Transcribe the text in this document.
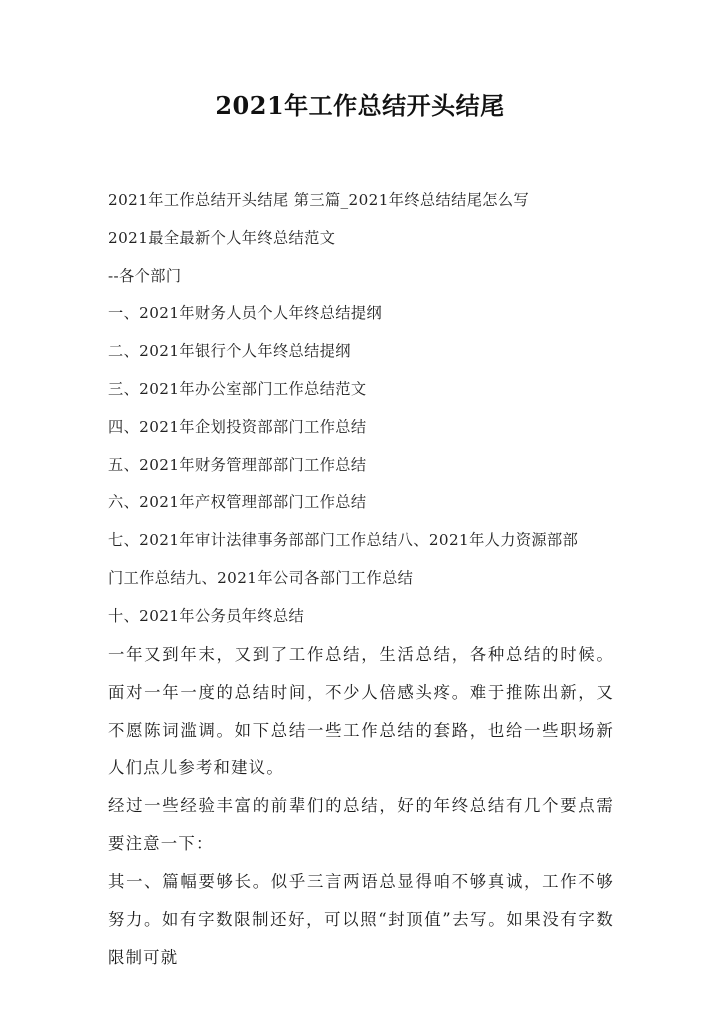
2021年工作总结开头结尾
2021年工作总结开头结尾 第三篇_2021年终总结结尾怎么写
2021最全最新个人年终总结范文
--各个部门
一、2021年财务人员个人年终总结提纲
二、2021年银行个人年终总结提纲
三、2021年办公室部门工作总结范文
四、2021年企划投资部部门工作总结
五、2021年财务管理部部门工作总结
六、2021年产权管理部部门工作总结
七、2021年审计法律事务部部门工作总结八、2021年人力资源部部
门工作总结九、2021年公司各部门工作总结
十、2021年公务员年终总结

一年又到年末，又到了工作总结，生活总结，各种总结的时候。面对一年一度的总结时间，不少人倍感头疼。难于推陈出新，又不愿陈词滥调。如下总结一些工作总结的套路，也给一些职场新人们点儿参考和建议。

经过一些经验丰富的前辈们的总结，好的年终总结有几个要点需要注意一下：

其一、篇幅要够长。似乎三言两语总显得咱不够真诚，工作不够努力。如有字数限制还好，可以照“封顶值”去写。如果没有字数限制可就
